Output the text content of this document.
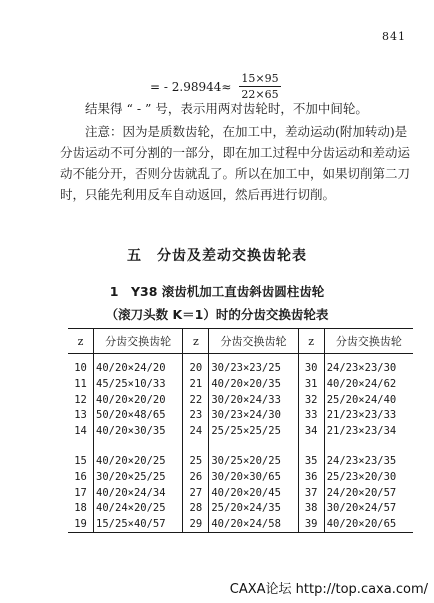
841
= - $2.98944\approx \frac{15\times 95}{22\times 65}$

结果得 “ - ” 号，表示用两对齿轮时，不加中间轮。

注意：因为是质数齿轮，在加工中，差动运动(附加转动)是分齿运动不可分割的一部分，即在加工过程中分齿运动和差动运动不能分开，否则分齿就乱了。所以在加工中，如果切削第二刀时，只能先利用反车自动返回，然后再进行切削。

五　分齿及差动交换齿轮表
1　Y38 滚齿机加工直齿斜齿圆柱齿轮
（滚刀头数 K＝1）时的分齿交换齿轮表
z	分齿交换齿轮	z	分齿交换齿轮	z	分齿交换齿轮
10	40/20×24/20	20	30/23×23/25	30	24/23×23/30
11	45/25×10/33	21	40/20×20/35	31	40/20×24/62
12	40/20×20/20	22	30/20×24/33	32	25/20×24/40
13	50/20×48/65	23	30/23×24/30	33	21/23×23/33
14	40/20×30/35	24	25/25×25/25	34	21/23×23/34

15	40/20×20/25	25	30/25×20/25	35	24/23×23/35
16	30/20×25/25	26	30/20×30/65	36	25/23×20/30
17	40/20×24/34	27	40/20×20/45	37	24/20×20/57
18	40/24×20/25	28	25/20×24/35	38	30/20×24/57
19	15/25×40/57	29	40/20×24/58	39	40/20×20/65
CAXA论坛 http://top.caxa.com/
